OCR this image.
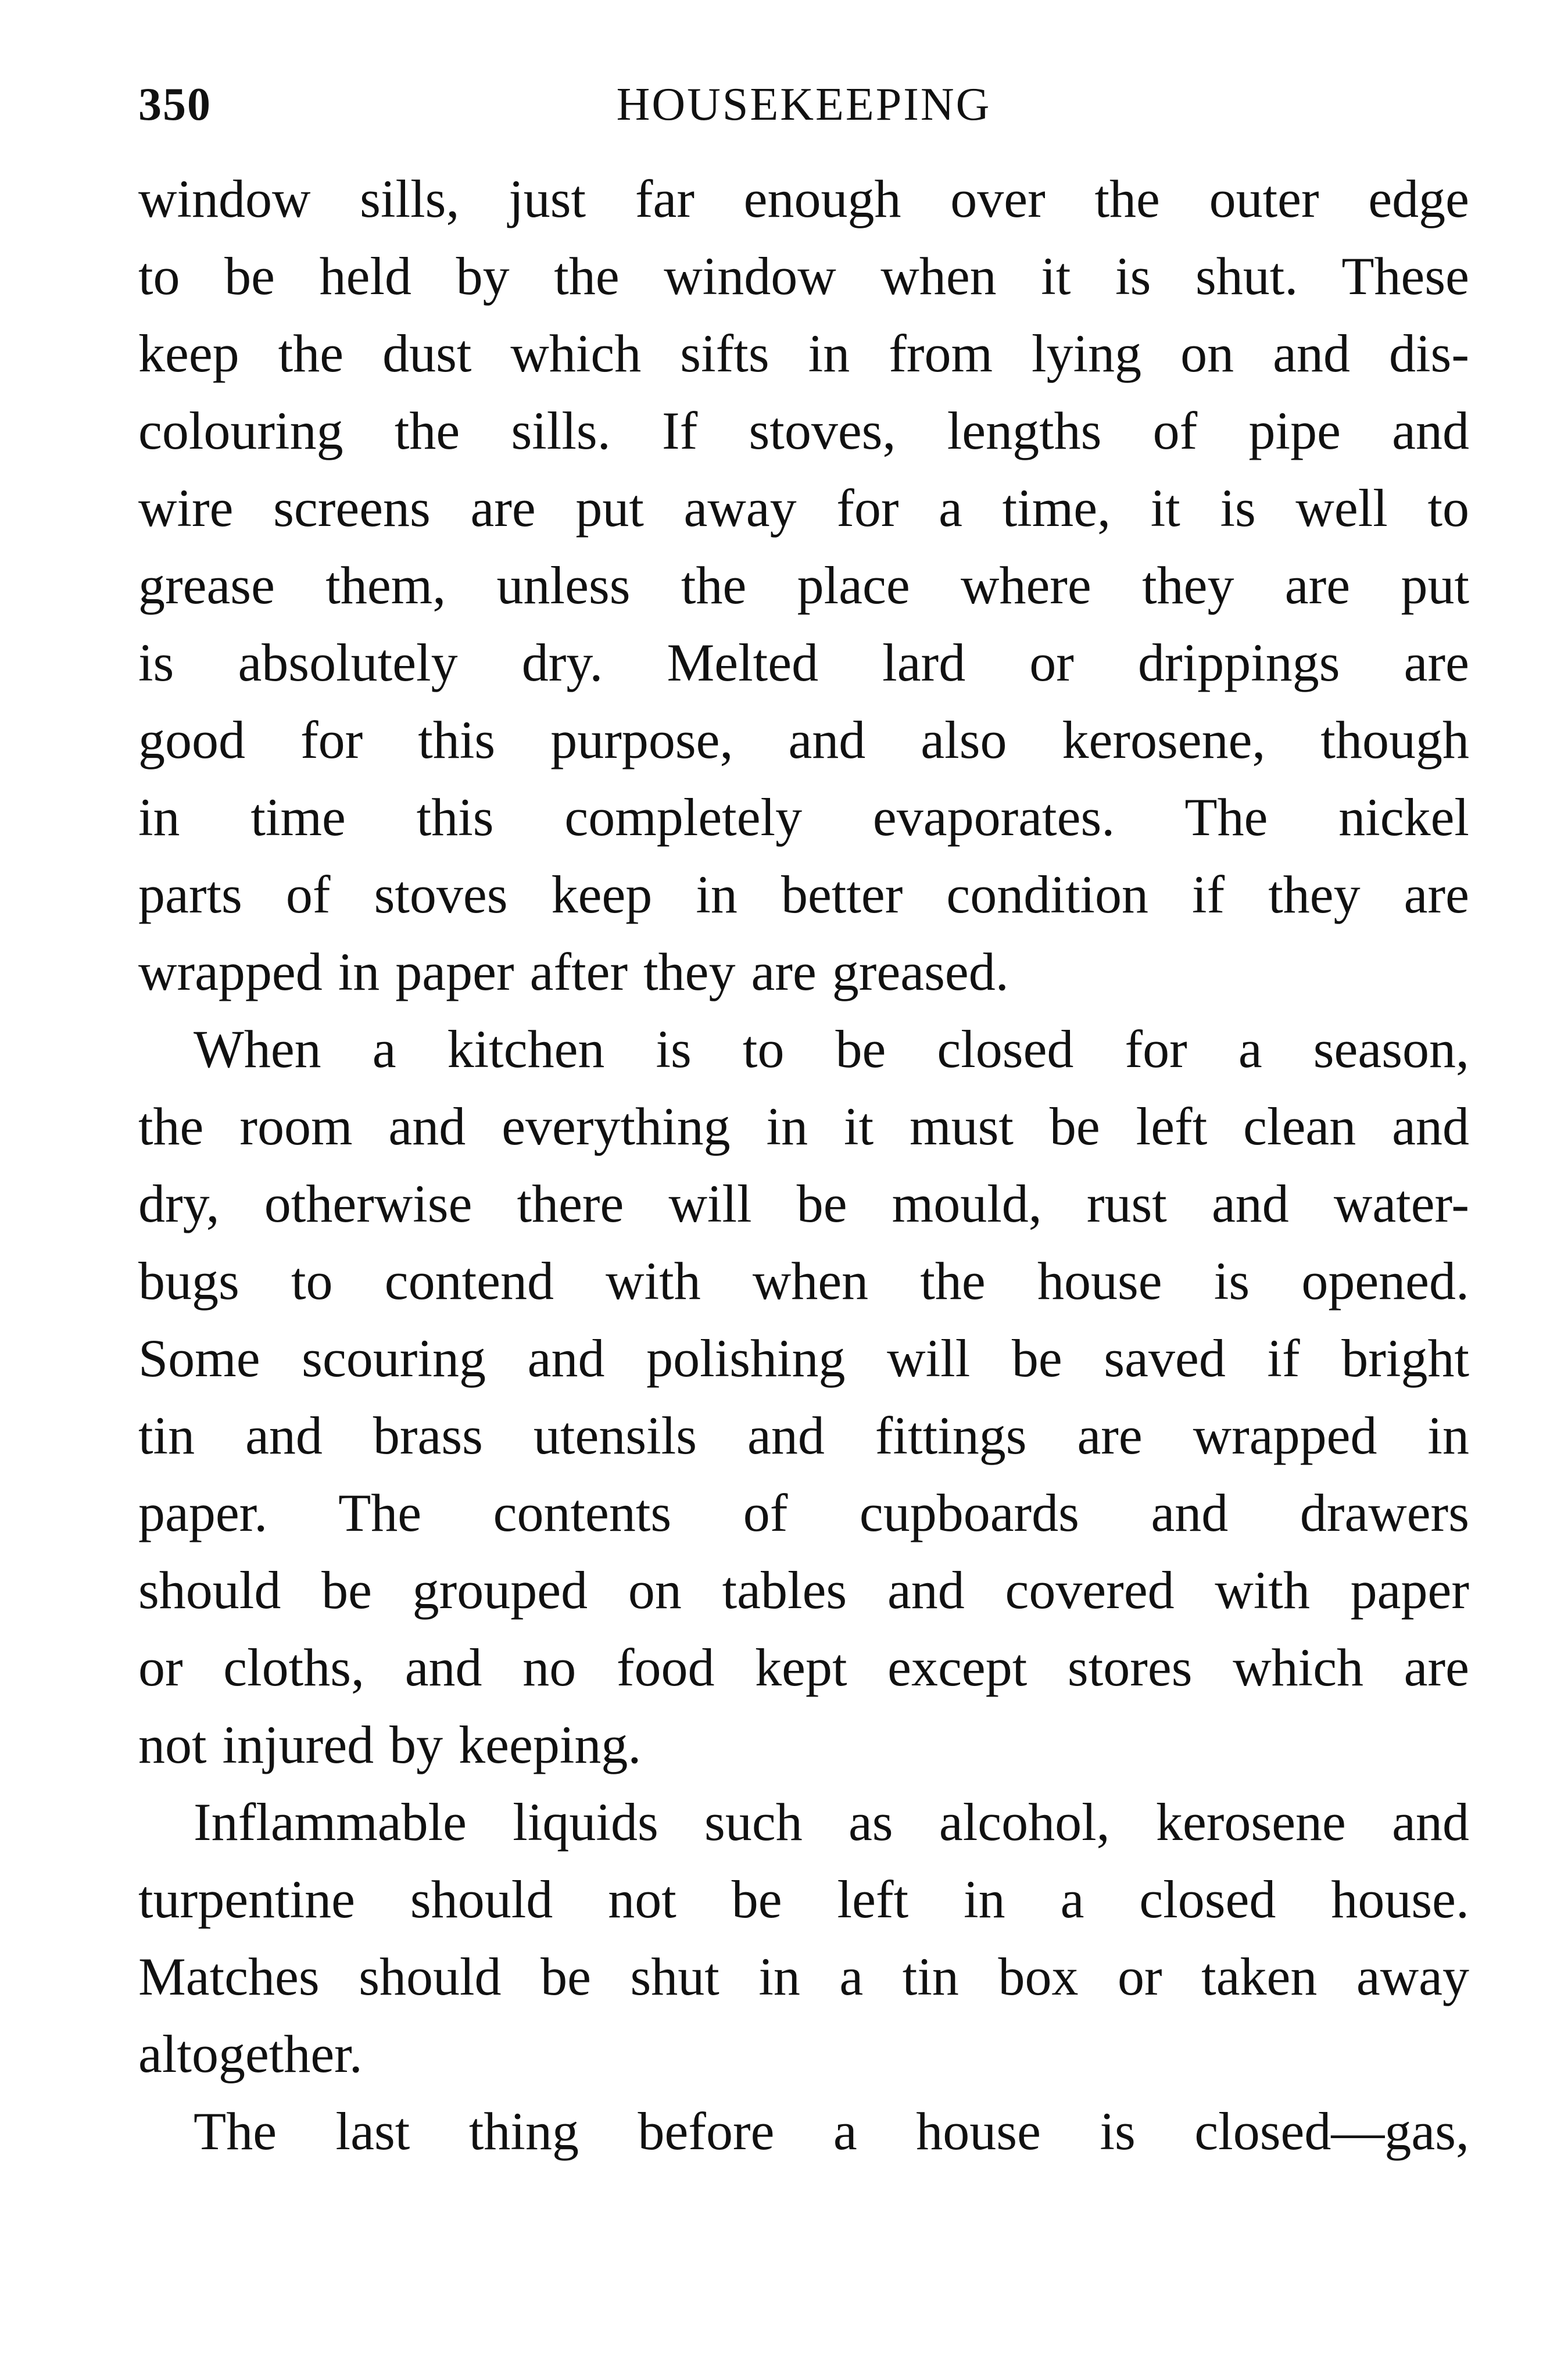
350	HOUSEKEEPING
window sills, just far enough over the outer edge
to be held by the window when it is shut. These
keep the dust which sifts in from lying on and dis-
colouring the sills. If stoves, lengths of pipe and
wire screens are put away for a time, it is well to
grease them, unless the place where they are put
is absolutely dry. Melted lard or drippings are
good for this purpose, and also kerosene, though
in time this completely evaporates. The nickel
parts of stoves keep in better condition if they are
wrapped in paper after they are greased.
When a kitchen is to be closed for a season,
the room and everything in it must be left clean and
dry, otherwise there will be mould, rust and water-
bugs to contend with when the house is opened.
Some scouring and polishing will be saved if bright
tin and brass utensils and fittings are wrapped in
paper. The contents of cupboards and drawers
should be grouped on tables and covered with paper
or cloths, and no food kept except stores which are
not injured by keeping.
Inflammable liquids such as alcohol, kerosene and
turpentine should not be left in a closed house.
Matches should be shut in a tin box or taken away
altogether.
The last thing before a house is closed—gas,
